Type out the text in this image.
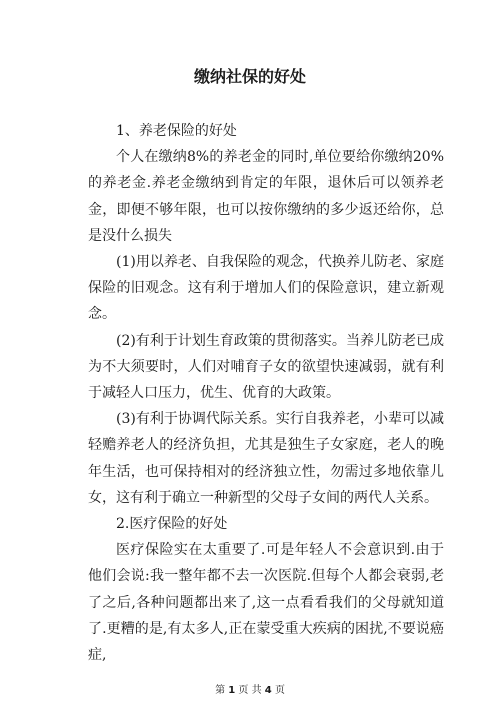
缴纳社保的好处

1、养老保险的好处

个人在缴纳8%的养老金的同时,单位要给你缴纳20%的养老金.养老金缴纳到肯定的年限，退休后可以领养老金，即便不够年限，也可以按你缴纳的多少返还给你，总是没什么损失

(1)用以养老、自我保险的观念，代换养儿防老、家庭保险的旧观念。这有利于增加人们的保险意识，建立新观念。

(2)有利于计划生育政策的贯彻落实。当养儿防老已成为不大须要时，人们对哺育子女的欲望快速减弱，就有利于减轻人口压力，优生、优育的大政策。

(3)有利于协调代际关系。实行自我养老，小辈可以减轻赡养老人的经济负担，尤其是独生子女家庭，老人的晚年生活，也可保持相对的经济独立性，勿需过多地依靠儿女，这有利于确立一种新型的父母子女间的两代人关系。

2.医疗保险的好处

医疗保险实在太重要了.可是年轻人不会意识到.由于他们会说:我一整年都不去一次医院.但每个人都会衰弱,老了之后,各种问题都出来了,这一点看看我们的父母就知道了.更糟的是,有太多人,正在蒙受重大疾病的困扰,不要说癌症,

第 1 页 共 4 页
